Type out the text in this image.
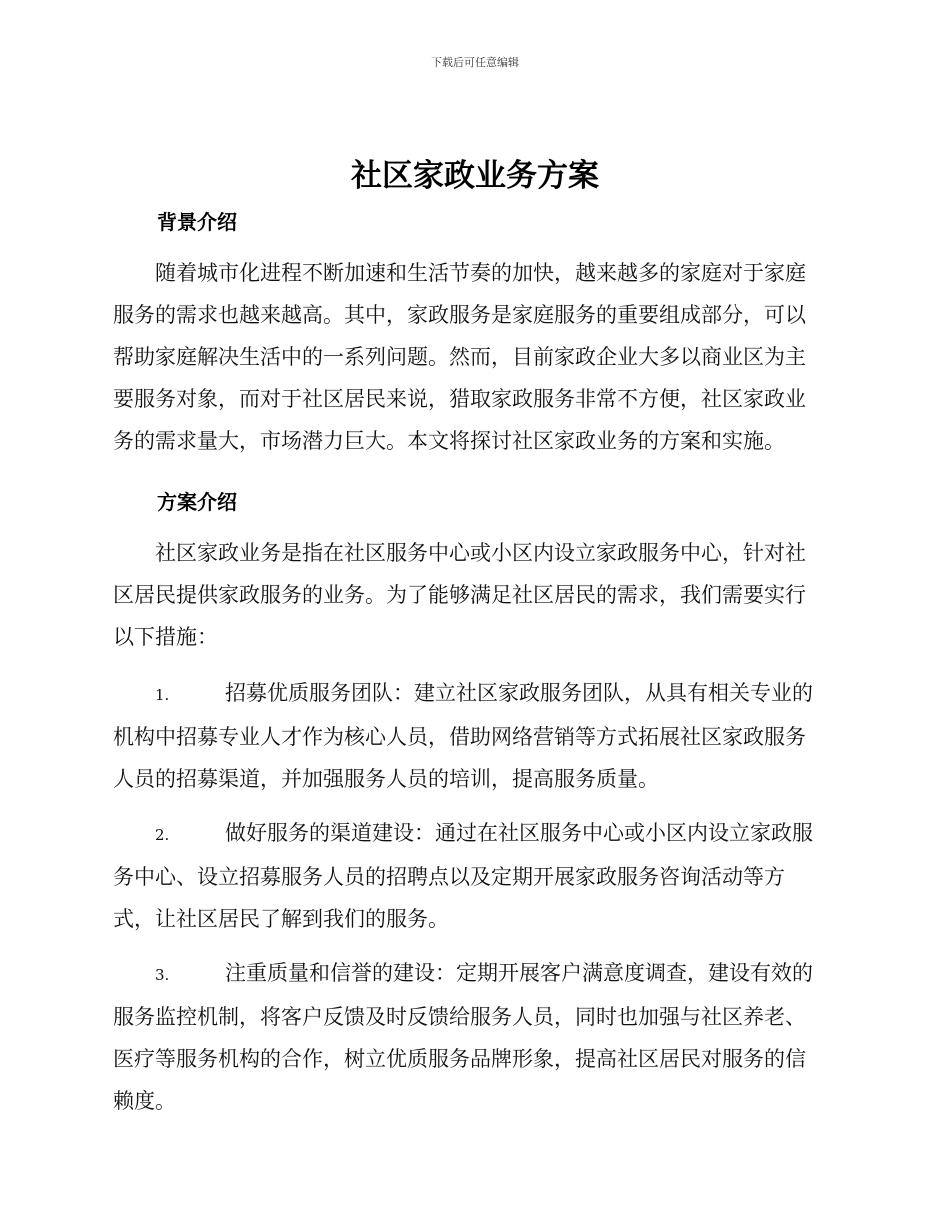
下载后可任意编辑
社区家政业务方案
背景介绍
随着城市化进程不断加速和生活节奏的加快，越来越多的家庭对于家庭
服务的需求也越来越高。其中，家政服务是家庭服务的重要组成部分，可以
帮助家庭解决生活中的一系列问题。然而，目前家政企业大多以商业区为主
要服务对象，而对于社区居民来说，猎取家政服务非常不方便，社区家政业
务的需求量大，市场潜力巨大。本文将探讨社区家政业务的方案和实施。
方案介绍
社区家政业务是指在社区服务中心或小区内设立家政服务中心，针对社
区居民提供家政服务的业务。为了能够满足社区居民的需求，我们需要实行
以下措施：
1.	招募优质服务团队：建立社区家政服务团队，从具有相关专业的
机构中招募专业人才作为核心人员，借助网络营销等方式拓展社区家政服务
人员的招募渠道，并加强服务人员的培训，提高服务质量。
2.	做好服务的渠道建设：通过在社区服务中心或小区内设立家政服
务中心、设立招募服务人员的招聘点以及定期开展家政服务咨询活动等方
式，让社区居民了解到我们的服务。
3.	注重质量和信誉的建设：定期开展客户满意度调查，建设有效的
服务监控机制，将客户反馈及时反馈给服务人员，同时也加强与社区养老、
医疗等服务机构的合作，树立优质服务品牌形象，提高社区居民对服务的信
赖度。
